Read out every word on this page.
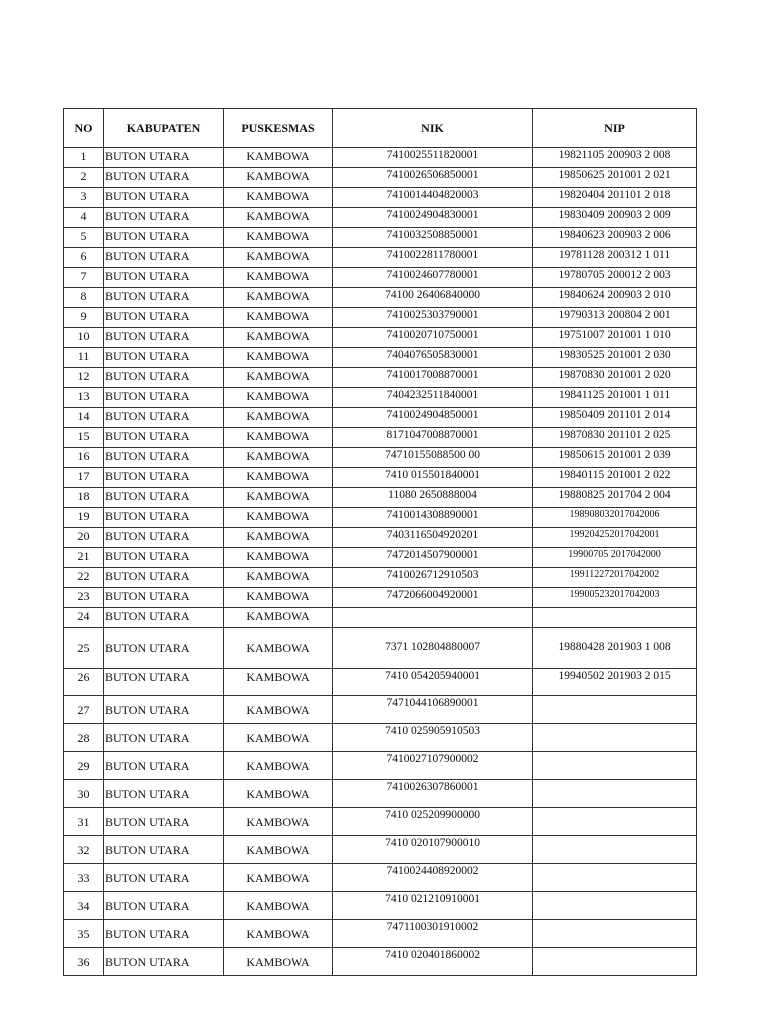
NO	KABUPATEN	PUSKESMAS	NIK	NIP
1	BUTON UTARA	KAMBOWA	7410025511820001	19821105 200903 2 008
2	BUTON UTARA	KAMBOWA	7410026506850001	19850625 201001 2 021
3	BUTON UTARA	KAMBOWA	7410014404820003	19820404 201101 2 018
4	BUTON UTARA	KAMBOWA	7410024904830001	19830409 200903 2 009
5	BUTON UTARA	KAMBOWA	7410032508850001	19840623 200903 2 006
6	BUTON UTARA	KAMBOWA	7410022811780001	19781128 200312 1 011
7	BUTON UTARA	KAMBOWA	7410024607780001	19780705 200012 2 003
8	BUTON UTARA	KAMBOWA	74100 26406840000	19840624 200903 2 010
9	BUTON UTARA	KAMBOWA	7410025303790001	19790313 200804 2 001
10	BUTON UTARA	KAMBOWA	7410020710750001	19751007 201001 1 010
11	BUTON UTARA	KAMBOWA	7404076505830001	19830525 201001 2 030
12	BUTON UTARA	KAMBOWA	7410017008870001	19870830 201001 2 020
13	BUTON UTARA	KAMBOWA	7404232511840001	19841125 201001 1 011
14	BUTON UTARA	KAMBOWA	7410024904850001	19850409 201101 2 014
15	BUTON UTARA	KAMBOWA	8171047008870001	19870830 201101 2 025
16	BUTON UTARA	KAMBOWA	74710155088500 00	19850615 201001 2 039
17	BUTON UTARA	KAMBOWA	7410 015501840001	19840115 201001 2 022
18	BUTON UTARA	KAMBOWA	11080 2650888004	19880825 201704 2 004
19	BUTON UTARA	KAMBOWA	7410014308890001	198908032017042006
20	BUTON UTARA	KAMBOWA	7403116504920201	199204252017042001
21	BUTON UTARA	KAMBOWA	7472014507900001	19900705 2017042000
22	BUTON UTARA	KAMBOWA	7410026712910503	199112272017042002
23	BUTON UTARA	KAMBOWA	7472066004920001	199005232017042003
24	BUTON UTARA	KAMBOWA		
25	BUTON UTARA	KAMBOWA	7371 102804880007	19880428 201903 1 008
26	BUTON UTARA	KAMBOWA	7410 054205940001	19940502 201903 2 015
27	BUTON UTARA	KAMBOWA	7471044106890001	
28	BUTON UTARA	KAMBOWA	7410 025905910503	
29	BUTON UTARA	KAMBOWA	7410027107900002	
30	BUTON UTARA	KAMBOWA	7410026307860001	
31	BUTON UTARA	KAMBOWA	7410 025209900000	
32	BUTON UTARA	KAMBOWA	7410 020107900010	
33	BUTON UTARA	KAMBOWA	7410024408920002	
34	BUTON UTARA	KAMBOWA	7410 021210910001	
35	BUTON UTARA	KAMBOWA	7471100301910002	
36	BUTON UTARA	KAMBOWA	7410 020401860002	
